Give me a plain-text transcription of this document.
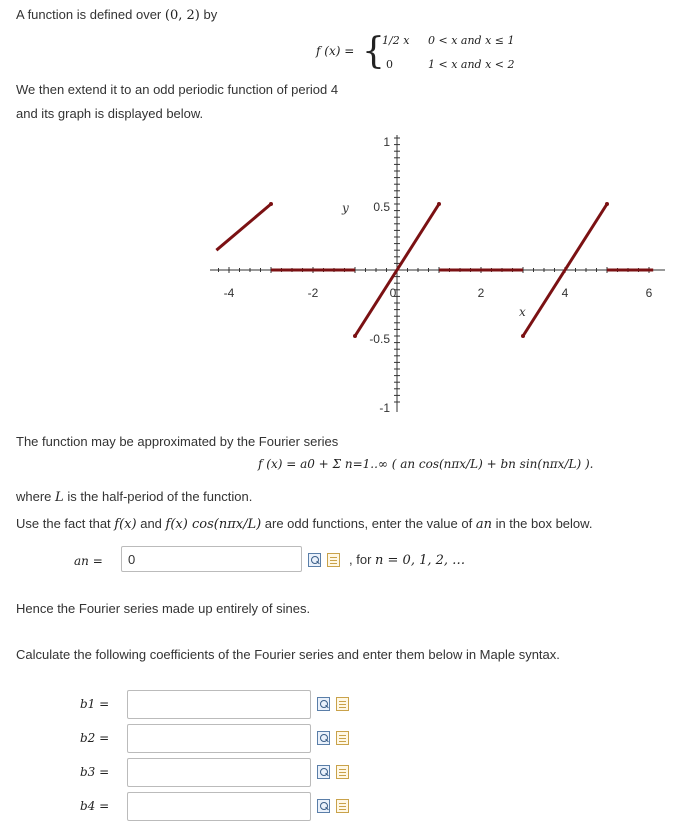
A function is defined over (0, 2) by
f (x) = {
1/2 x 0 < x and x ≤ 1
0	1 < x and x < 2
We then extend it to an odd periodic function of period 4
and its graph is displayed below.
-4	-2	0	2	4	6
1
0.5
-0.5
-1
y
x
The function may be approximated by the Fourier series
f (x) = a0 + Σ n=1..∞ ( an cos(nπx/L) + bn sin(nπx/L) ).
where L is the half-period of the function.
Use the fact that f(x) and f(x) cos(nπx/L) are odd functions, enter the value of an in the box below.
an =
0	, for n = 0, 1, 2, …
Hence the Fourier series made up entirely of sines.
Calculate the following coefficients of the Fourier series and enter them below in Maple syntax.
b1 =
b2 =
b3 =
b4 =
